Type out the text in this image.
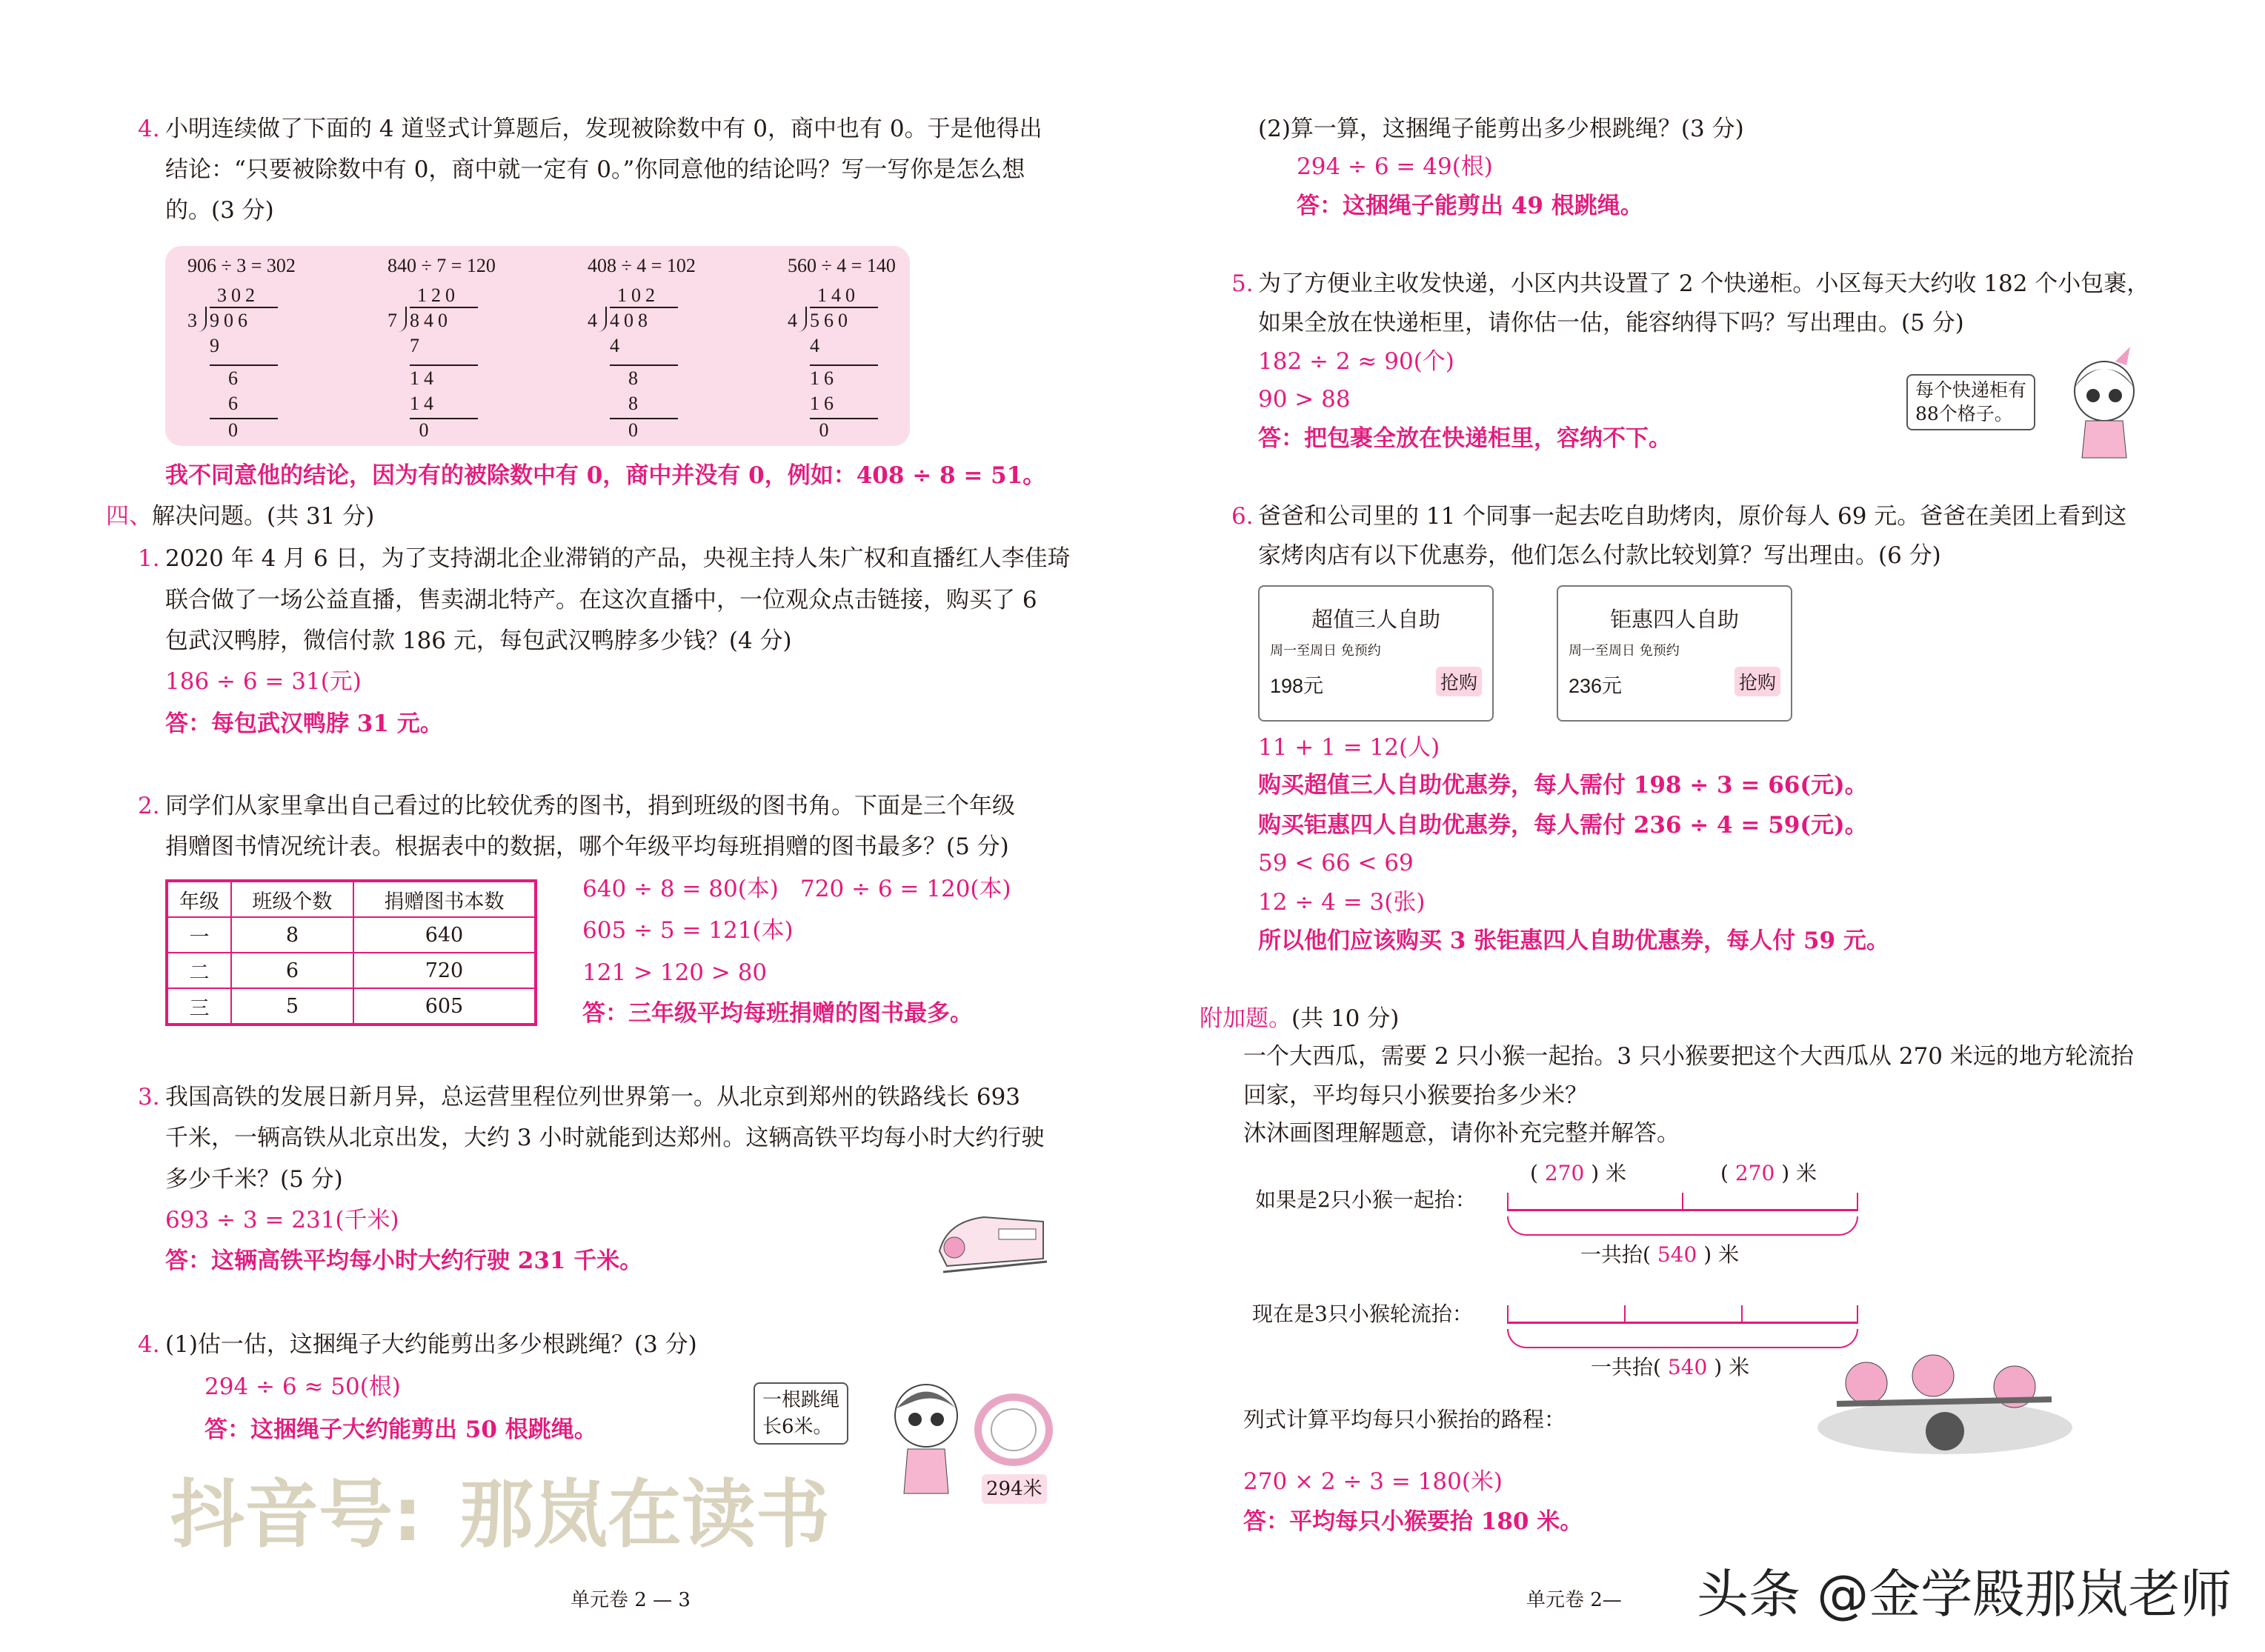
抖音号: 那岚在读书
4. 小明连续做了下面的 4 道竖式计算题后，发现被除数中有 0，商中也有 0。于是他得出
结论：“只要被除数中有 0，商中就一定有 0。”你同意他的结论吗？写一写你是怎么想
的。(3 分)
906 ÷ 3 = 302
302
3 906
9
6
6
0
840 ÷ 7 = 120
120
7 840
7
14
14
0
408 ÷ 4 = 102
102
4 408
4
8
8
0
560 ÷ 4 = 140
140
4 560
4
16
16
0
我不同意他的结论，因为有的被除数中有 0，商中并没有 0，例如：408 ÷ 8 = 51。
四、解决问题。(共 31 分)
1. 2020 年 4 月 6 日，为了支持湖北企业滞销的产品，央视主持人朱广权和直播红人李佳琦
联合做了一场公益直播，售卖湖北特产。在这次直播中，一位观众点击链接，购买了 6
包武汉鸭脖，微信付款 186 元，每包武汉鸭脖多少钱？(4 分)
186 ÷ 6 = 31(元)
答：每包武汉鸭脖 31 元。
2. 同学们从家里拿出自己看过的比较优秀的图书，捐到班级的图书角。下面是三个年级
捐赠图书情况统计表。根据表中的数据，哪个年级平均每班捐赠的图书最多？(5 分)
年级	班级个数	捐赠图书本数
一	8	640
二	6	720
三	5	605
640 ÷ 8 = 80(本) 720 ÷ 6 = 120(本)
605 ÷ 5 = 121(本)
121 > 120 > 80
答：三年级平均每班捐赠的图书最多。
3. 我国高铁的发展日新月异，总运营里程位列世界第一。从北京到郑州的铁路线长 693
千米，一辆高铁从北京出发，大约 3 小时就能到达郑州。这辆高铁平均每小时大约行驶
多少千米？(5 分)
693 ÷ 3 = 231(千米)
答：这辆高铁平均每小时大约行驶 231 千米。
4. (1)估一估，这捆绳子大约能剪出多少根跳绳？(3 分)
294 ÷ 6 ≈ 50(根)
答：这捆绳子大约能剪出 50 根跳绳。
一根跳绳
长6米。
294米
单元卷 2 — 3
(2)算一算，这捆绳子能剪出多少根跳绳？(3 分)
294 ÷ 6 = 49(根)
答：这捆绳子能剪出 49 根跳绳。
5. 为了方便业主收发快递，小区内共设置了 2 个快递柜。小区每天大约收 182 个小包裹，
如果全放在快递柜里，请你估一估，能容纳得下吗？写出理由。(5 分)
182 ÷ 2 ≈ 90(个)
90 > 88
答：把包裹全放在快递柜里，容纳不下。
每个快递柜有
88个格子。
6. 爸爸和公司里的 11 个同事一起去吃自助烤肉，原价每人 69 元。爸爸在美团上看到这
家烤肉店有以下优惠券，他们怎么付款比较划算？写出理由。(6 分)
超值三人自助
周一至周日 免预约
198元	抢购
钜惠四人自助
周一至周日 免预约
236元	抢购
11 + 1 = 12(人)
购买超值三人自助优惠券，每人需付 198 ÷ 3 = 66(元)。
购买钜惠四人自助优惠券，每人需付 236 ÷ 4 = 59(元)。
59 < 66 < 69
12 ÷ 4 = 3(张)
所以他们应该购买 3 张钜惠四人自助优惠券，每人付 59 元。
附加题。(共 10 分)
一个大西瓜，需要 2 只小猴一起抬。3 只小猴要把这个大西瓜从 270 米远的地方轮流抬
回家，平均每只小猴要抬多少米？
沐沐画图理解题意，请你补充完整并解答。
( 270 ) 米	( 270 ) 米
如果是2只小猴一起抬：
一共抬( 540 ) 米
现在是3只小猴轮流抬：
一共抬( 540 ) 米
列式计算平均每只小猴抬的路程：
270 × 2 ÷ 3 = 180(米)
答：平均每只小猴要抬 180 米。
单元卷 2— 头条 @金学殿那岚老师
